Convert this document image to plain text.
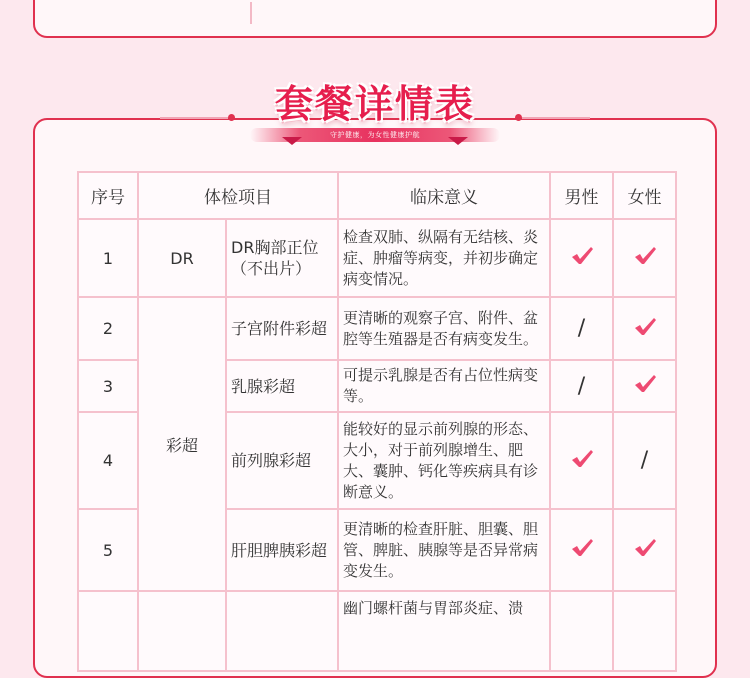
套餐详情表
守护健康，为女性健康护航
序号	体检项目		临床意义	男性	女性
1	DR	DR胸部正位（不出片）	检查双肺、纵隔有无结核、炎症、肿瘤等病变，并初步确定病变情况。		
2	彩超	子宫附件彩超	更清晰的观察子宫、附件、盆腔等生殖器是否有病变发生。	/	
3		乳腺彩超	可提示乳腺是否有占位性病变等。	/	
4		前列腺彩超	能较好的显示前列腺的形态、大小，对于前列腺增生、肥大、囊肿、钙化等疾病具有诊断意义。		/
5		肝胆脾胰彩超	更清晰的检查肝脏、胆囊、胆管、脾脏、胰腺等是否异常病变发生。		
			幽门螺杆菌与胃部炎症、溃		
